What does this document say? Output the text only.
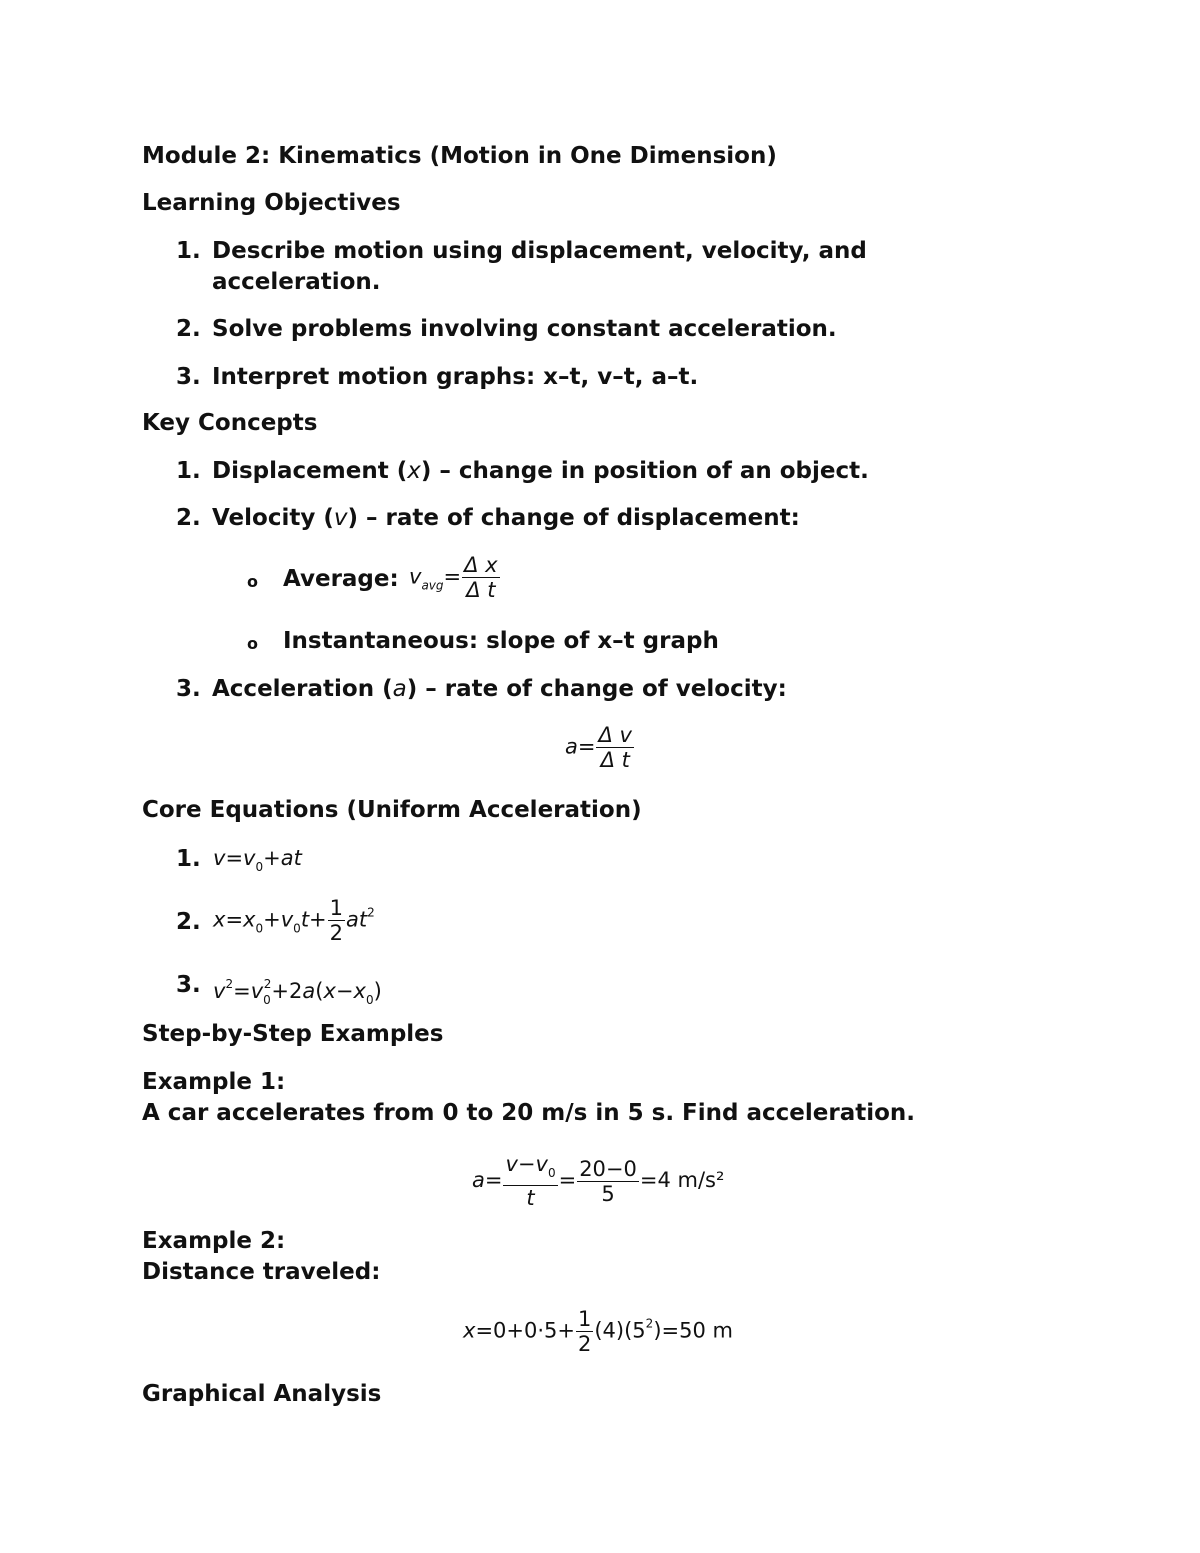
Module 2: Kinematics (Motion in One Dimension)
Learning Objectives
1. Describe motion using displacement, velocity, and
acceleration.
2. Solve problems involving constant acceleration.
3. Interpret motion graphs: x–t, v–t, a–t.
Key Concepts
1. Displacement (x) – change in position of an object.
2. Velocity (v) – rate of change of displacement:
o Average: $v_{avg}= \frac{\text{Δ x}}{\text{Δ t}}$
o Instantaneous: slope of x–t graph
3. Acceleration (a) – rate of change of velocity:
$a= \frac{\text{Δ v}}{\text{Δ t}}$
Core Equations (Uniform Acceleration)
1. $v=v_0+at$
2. $x=x_0+v_0t+ \frac{1}{2} at^2$
3. $v^2=v_0^2+2a(x-x_0)$
Step-by-Step Examples
Example 1:
A car accelerates from 0 to 20 m/s in 5 s. Find acceleration.
$a= \frac{v-v_0}{t} = \frac{20-0}{5} =4$ m/s²
Example 2:
Distance traveled:
$x=0+0\cdot 5+ \frac{1}{2} (4)(5^2)=50$ m
Graphical Analysis
